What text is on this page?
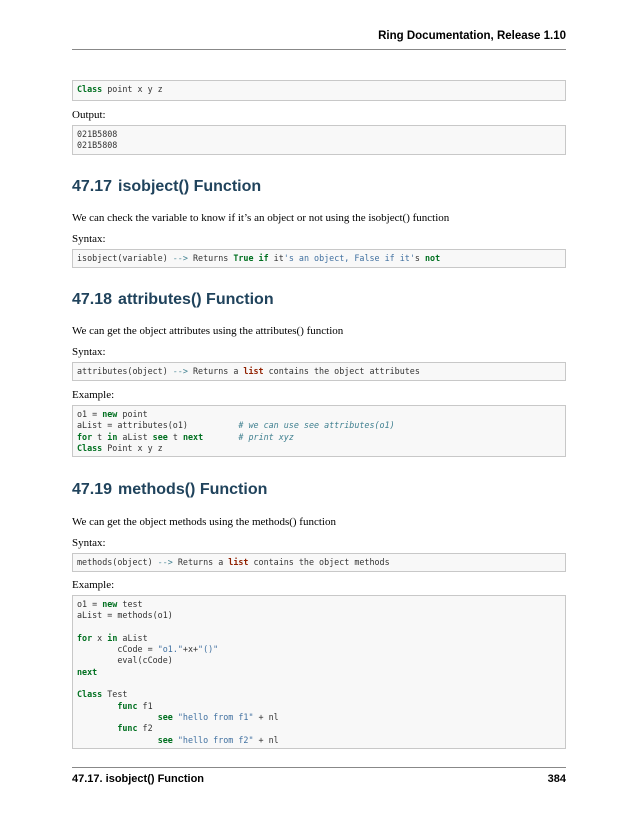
Ring Documentation, Release 1.10
Class point x y z
Output:
021B5808
021B5808
47.17 isobject() Function
We can check the variable to know if it’s an object or not using the isobject() function
Syntax:
isobject(variable) --> Returns True if it's an object, False if it's not
47.18 attributes() Function
We can get the object attributes using the attributes() function
Syntax:
attributes(object) --> Returns a list contains the object attributes
Example:
o1 = new point
aList = attributes(o1)          # we can use see attributes(o1)
for t in aList see t next	# print xyz
Class Point x y z
47.19 methods() Function
We can get the object methods using the methods() function
Syntax:
methods(object) --> Returns a list contains the object methods
Example:
o1 = new test
aList = methods(o1)
for x in aList
cCode = "o1."+x+"()"
eval(cCode)
next
Class Test
func f1
see "hello from f1" + nl
func f2
see "hello from f2" + nl
47.17. isobject() Function	384
